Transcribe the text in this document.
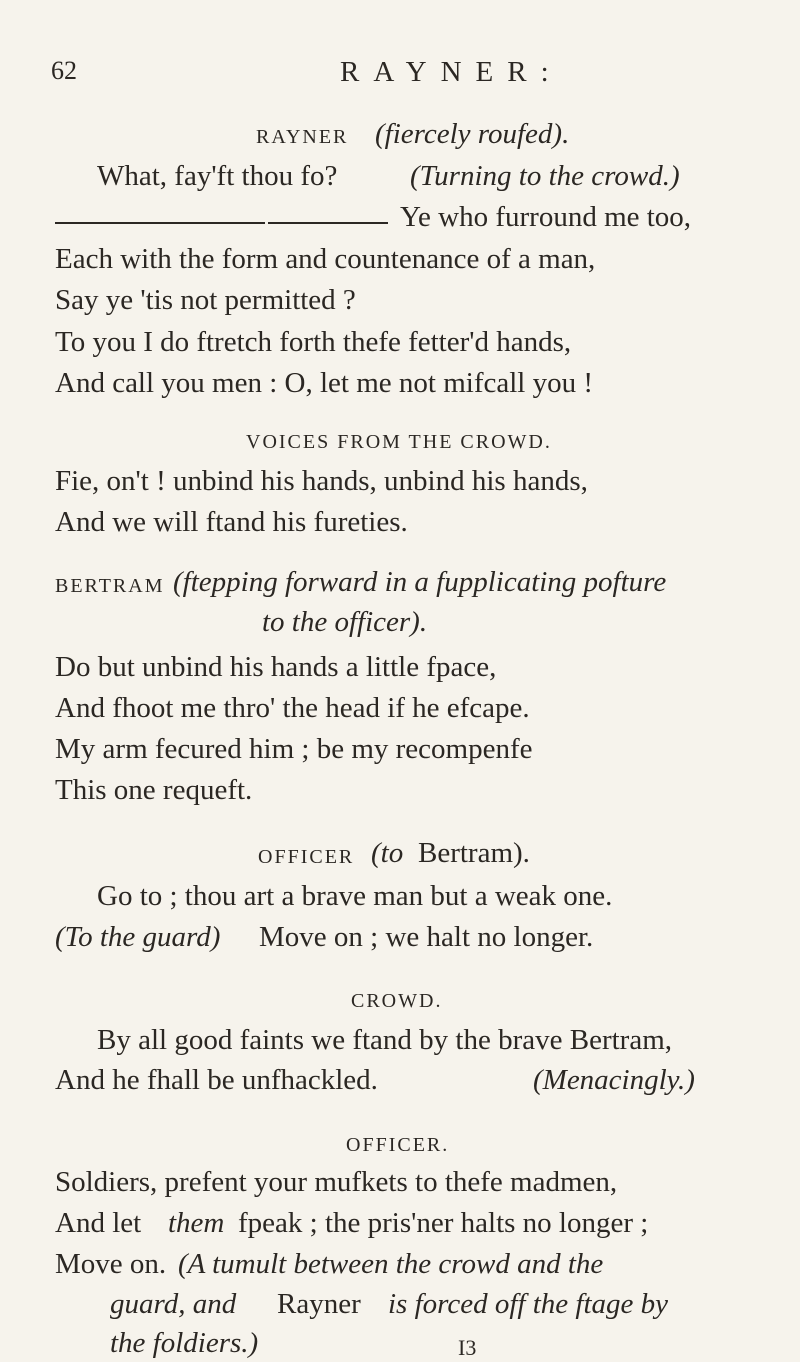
62	RAYNER:
RAYNER (fiercely roufed).
What, fay'ft thou fo?	(Turning to the crowd.)
Ye who furround me too,
Each with the form and countenance of a man,
Say ye 'tis not permitted ?
To you I do ftretch forth thefe fetter'd hands,
And call you men : O, let me not mifcall you !
VOICES FROM THE CROWD.
Fie, on't ! unbind his hands, unbind his hands,
And we will ftand his fureties.
BERTRAM (ftepping forward in a fupplicating pofture
to the officer).
Do but unbind his hands a little fpace,
And fhoot me thro' the head if he efcape.
My arm fecured him ; be my recompenfe
This one requeft.
OFFICER (to Bertram).
Go to ; thou art a brave man but a weak one.
(To the guard) Move on ; we halt no longer.
CROWD.
By all good faints we ftand by the brave Bertram,
And he fhall be unfhackled.	(Menacingly.)
OFFICER.
Soldiers, prefent your mufkets to thefe madmen,
And let them fpeak ; the pris'ner halts no longer ;
Move on. (A tumult between the crowd and the
guard, and Rayner is forced off the ftage by
the foldiers.)	I3
